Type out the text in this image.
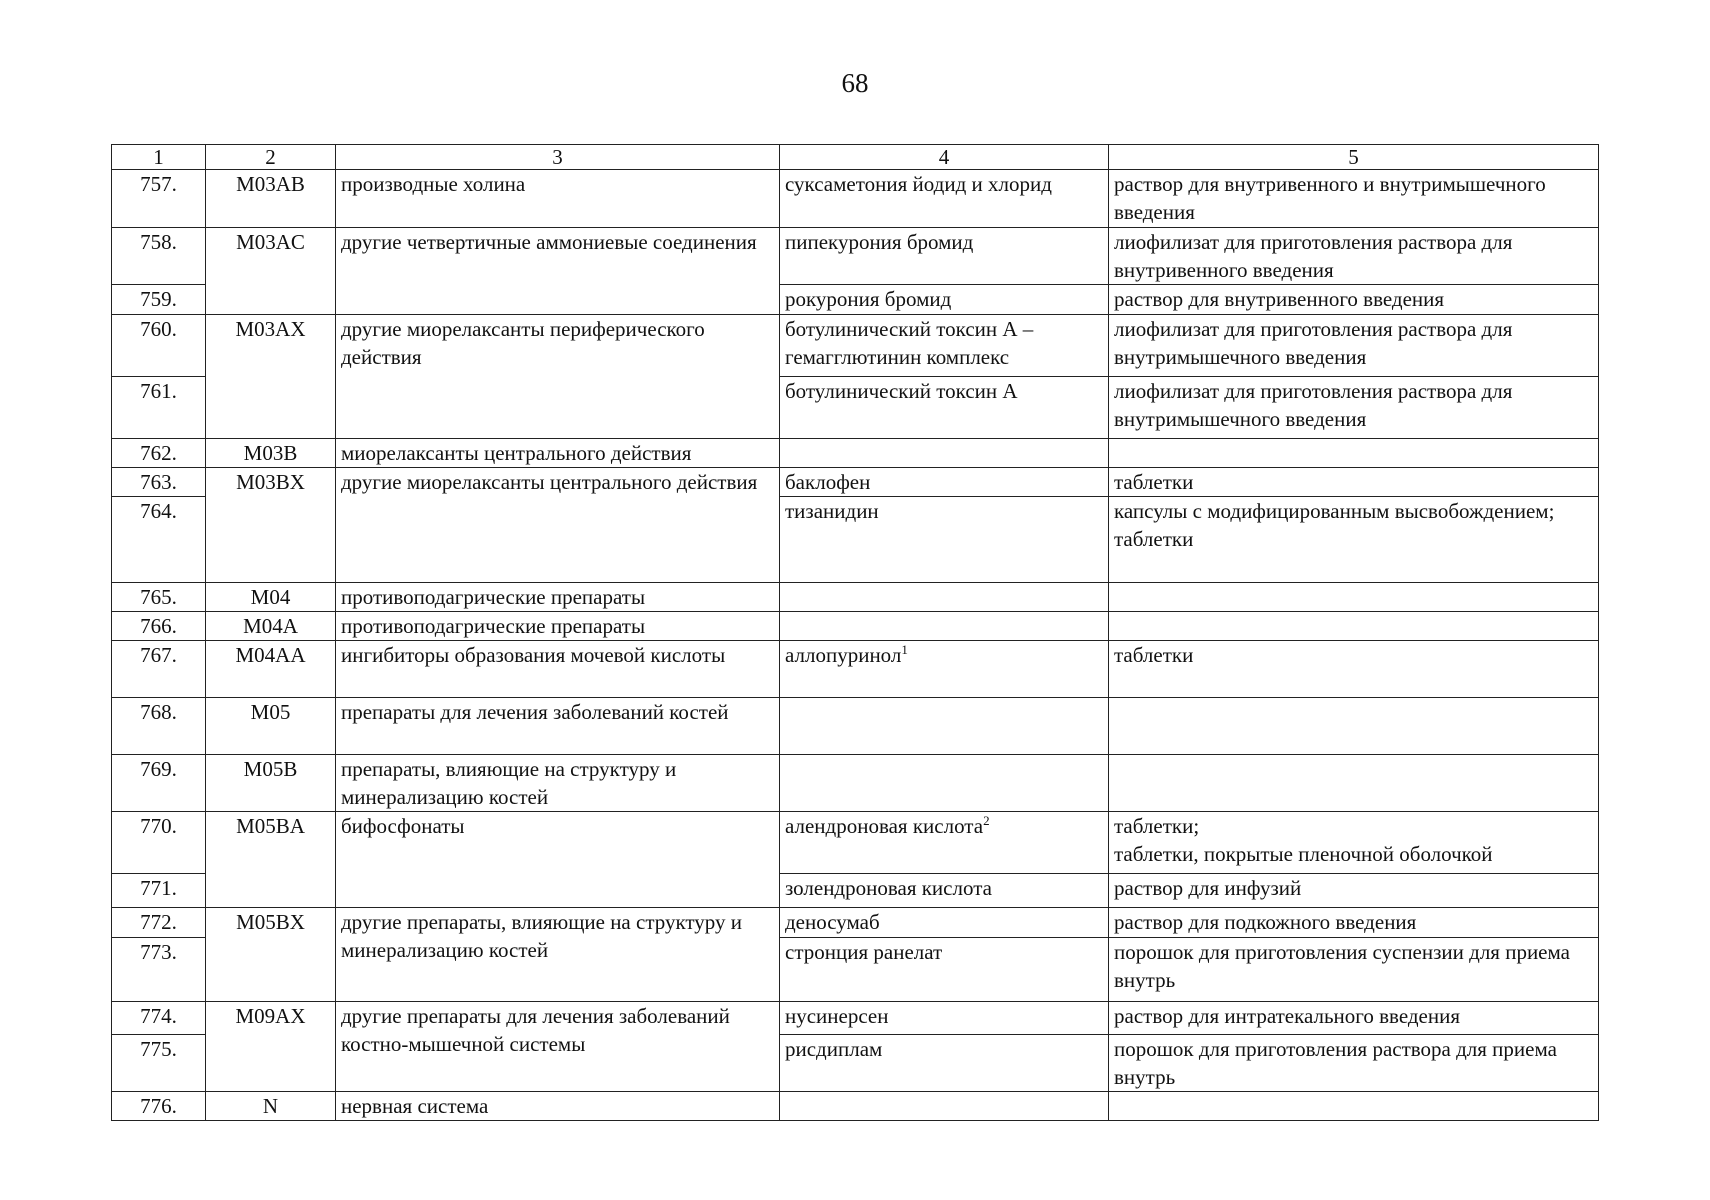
68
1	2	3	4	5
757.	M03AB	производные холина	суксаметония йодид и хлорид	раствор для внутривенного и внутримышечного введения
758.	M03AC	другие четвертичные аммониевые соединения	пипекурония бромид	лиофилизат для приготовления раствора для внутривенного введения
759.			рокурония бромид	раствор для внутривенного введения
760.	M03AX	другие миорелаксанты периферического действия	ботулинический токсин А – гемагглютинин комплекс	лиофилизат для приготовления раствора для внутримышечного введения
761.			ботулинический токсин А	лиофилизат для приготовления раствора для внутримышечного введения
762.	M03B	миорелаксанты центрального действия		
763.	M03BX	другие миорелаксанты центрального действия	баклофен	таблетки
764.			тизанидин	капсулы с модифицированным высвобождением;
таблетки

765.	M04	противоподагрические препараты		
766.	M04A	противоподагрические препараты		
767.	M04AA	ингибиторы образования мочевой кислоты	аллопуринол$^1$	таблетки
768.	M05	препараты для лечения заболеваний костей		
769.	M05B	препараты, влияющие на структуру и минерализацию костей		
770.	M05BA	бифосфонаты	алендроновая кислота$^2$	таблетки;
таблетки, покрытые пленочной оболочкой

771.			золендроновая кислота	раствор для инфузий
772.	M05BX	другие препараты, влияющие на структуру и минерализацию костей	деносумаб	раствор для подкожного введения
773.			стронция ранелат	порошок для приготовления суспензии для приема внутрь
774.	M09AX	другие препараты для лечения заболеваний костно-мышечной системы	нусинерсен	раствор для интратекального введения
775.			рисдиплам	порошок для приготовления раствора для приема внутрь
776.	N	нервная система		
